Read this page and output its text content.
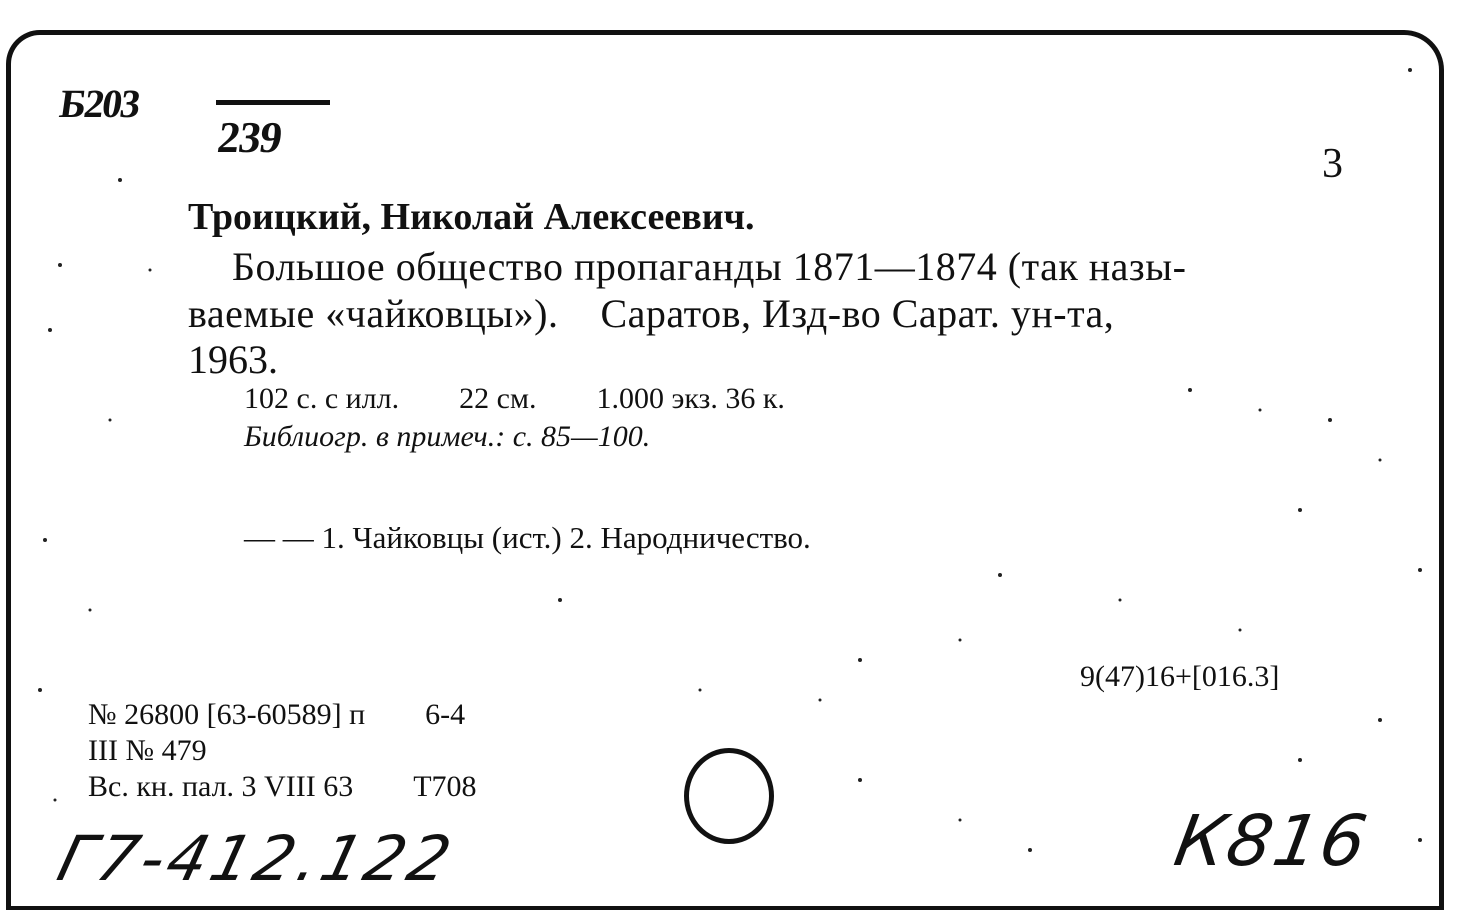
Б203
239
3
Троицкий, Николай Алексеевич.
Большое общество пропаганды 1871—1874 (так назы-
ваемые «чайковцы»).    Саратов, Изд-во Сарат. ун-та,
1963.
102 с. с илл. 22 см. 1.000 экз. 36 к.
Библиогр. в примеч.: с. 85—100.
— — 1. Чайковцы (ист.) 2. Народничество.
9(47)16+[016.3]
№ 26800 [63-60589] п 6-4
III № 479
Вс. кн. пал. 3 VIII 63 Т708
Г7-412.122	К816
